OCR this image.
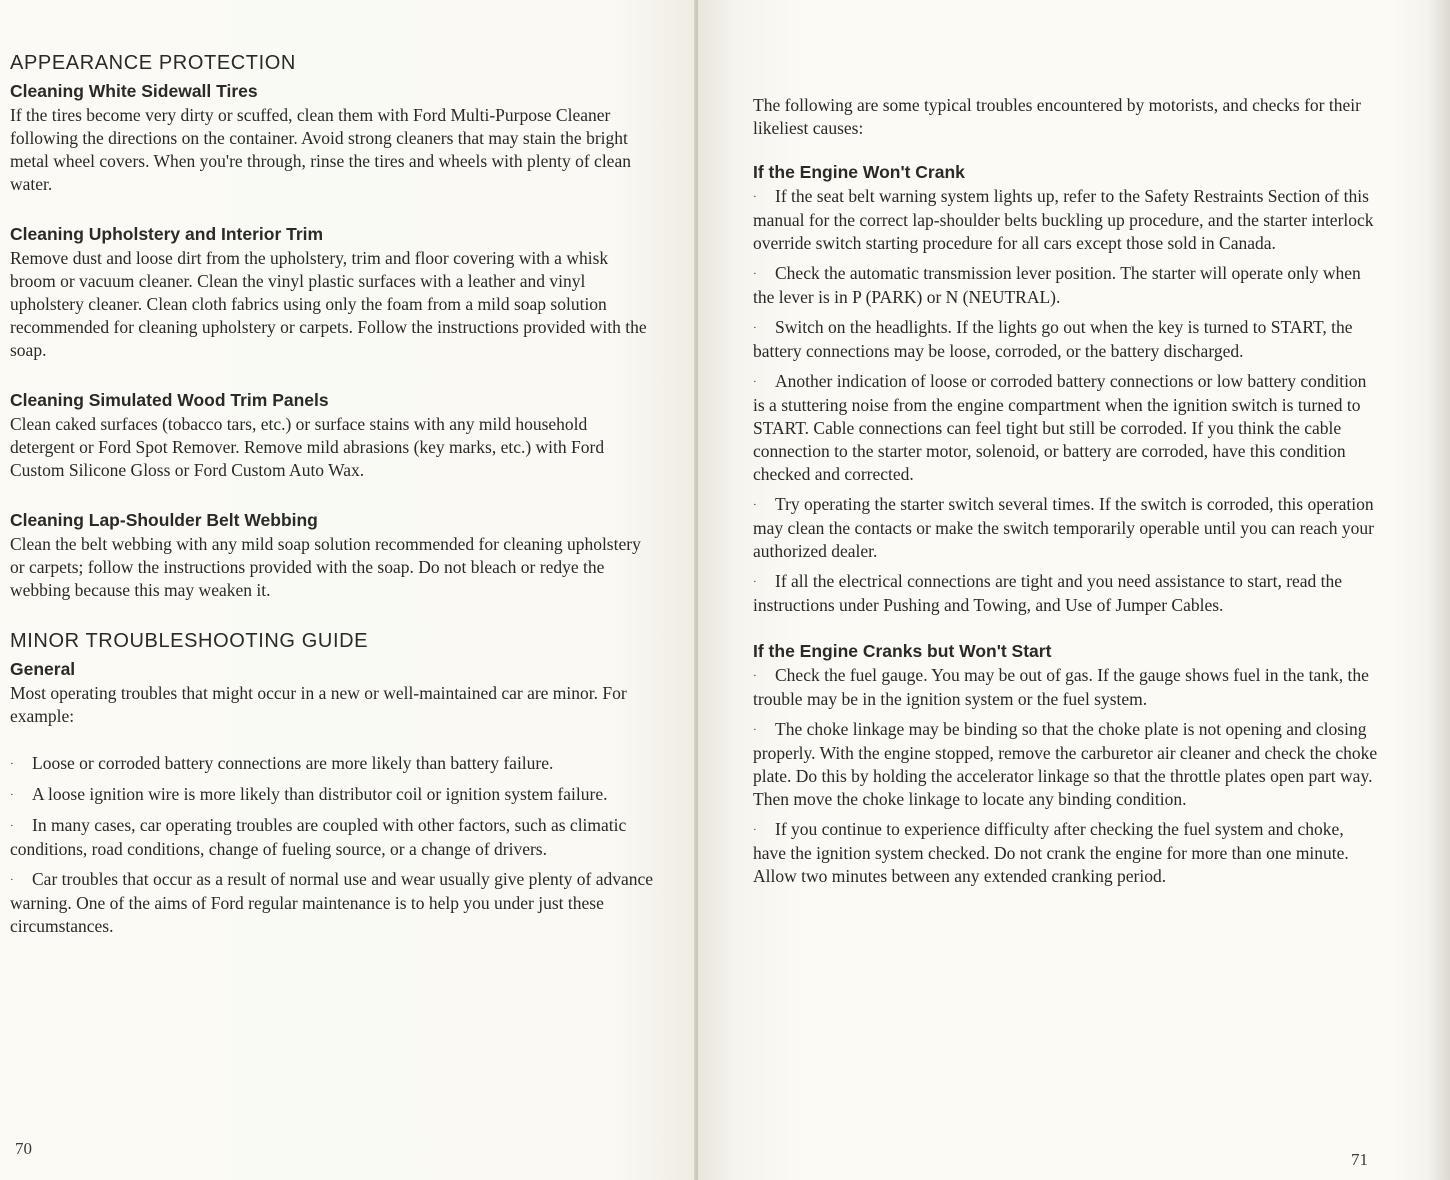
APPEARANCE PROTECTION
Cleaning White Sidewall Tires

If the tires become very dirty or scuffed, clean them with Ford Multi-Purpose Cleaner following the directions on the container. Avoid strong cleaners that may stain the bright metal wheel covers. When you're through, rinse the tires and wheels with plenty of clean water.

Cleaning Upholstery and Interior Trim

Remove dust and loose dirt from the upholstery, trim and floor covering with a whisk broom or vacuum cleaner. Clean the vinyl plastic surfaces with a leather and vinyl upholstery cleaner. Clean cloth fabrics using only the foam from a mild soap solution recommended for cleaning upholstery or carpets. Follow the instructions provided with the soap.

Cleaning Simulated Wood Trim Panels

Clean caked surfaces (tobacco tars, etc.) or surface stains with any mild household detergent or Ford Spot Remover. Remove mild abrasions (key marks, etc.) with Ford Custom Silicone Gloss or Ford Custom Auto Wax.

Cleaning Lap-Shoulder Belt Webbing

Clean the belt webbing with any mild soap solution recommended for cleaning upholstery or carpets; follow the instructions provided with the soap. Do not bleach or redye the webbing because this may weaken it.

MINOR TROUBLESHOOTING GUIDE
General

Most operating troubles that might occur in a new or well-maintained car are minor. For example:

· Loose or corroded battery connections are more likely than battery failure.

· A loose ignition wire is more likely than distributor coil or ignition system failure.

· In many cases, car operating troubles are coupled with other factors, such as climatic conditions, road conditions, change of fueling source, or a change of drivers.

· Car troubles that occur as a result of normal use and wear usually give plenty of advance warning. One of the aims of Ford regular maintenance is to help you under just these circumstances.

70

The following are some typical troubles encountered by motorists, and checks for their likeliest causes:

If the Engine Won't Crank

· If the seat belt warning system lights up, refer to the Safety Restraints Section of this manual for the correct lap-shoulder belts buckling up procedure, and the starter interlock override switch starting procedure for all cars except those sold in Canada.

· Check the automatic transmission lever position. The starter will operate only when the lever is in P (PARK) or N (NEUTRAL).

· Switch on the headlights. If the lights go out when the key is turned to START, the battery connections may be loose, corroded, or the battery discharged.

· Another indication of loose or corroded battery connections or low battery condition is a stuttering noise from the engine compartment when the ignition switch is turned to START. Cable connections can feel tight but still be corroded. If you think the cable connection to the starter motor, solenoid, or battery are corroded, have this condition checked and corrected.

· Try operating the starter switch several times. If the switch is corroded, this operation may clean the contacts or make the switch temporarily operable until you can reach your authorized dealer.

· If all the electrical connections are tight and you need assistance to start, read the instructions under Pushing and Towing, and Use of Jumper Cables.

If the Engine Cranks but Won't Start

· Check the fuel gauge. You may be out of gas. If the gauge shows fuel in the tank, the trouble may be in the ignition system or the fuel system.

· The choke linkage may be binding so that the choke plate is not opening and closing properly. With the engine stopped, remove the carburetor air cleaner and check the choke plate. Do this by holding the accelerator linkage so that the throttle plates open part way. Then move the choke linkage to locate any binding condition.

· If you continue to experience difficulty after checking the fuel system and choke, have the ignition system checked. Do not crank the engine for more than one minute. Allow two minutes between any extended cranking period.

71
